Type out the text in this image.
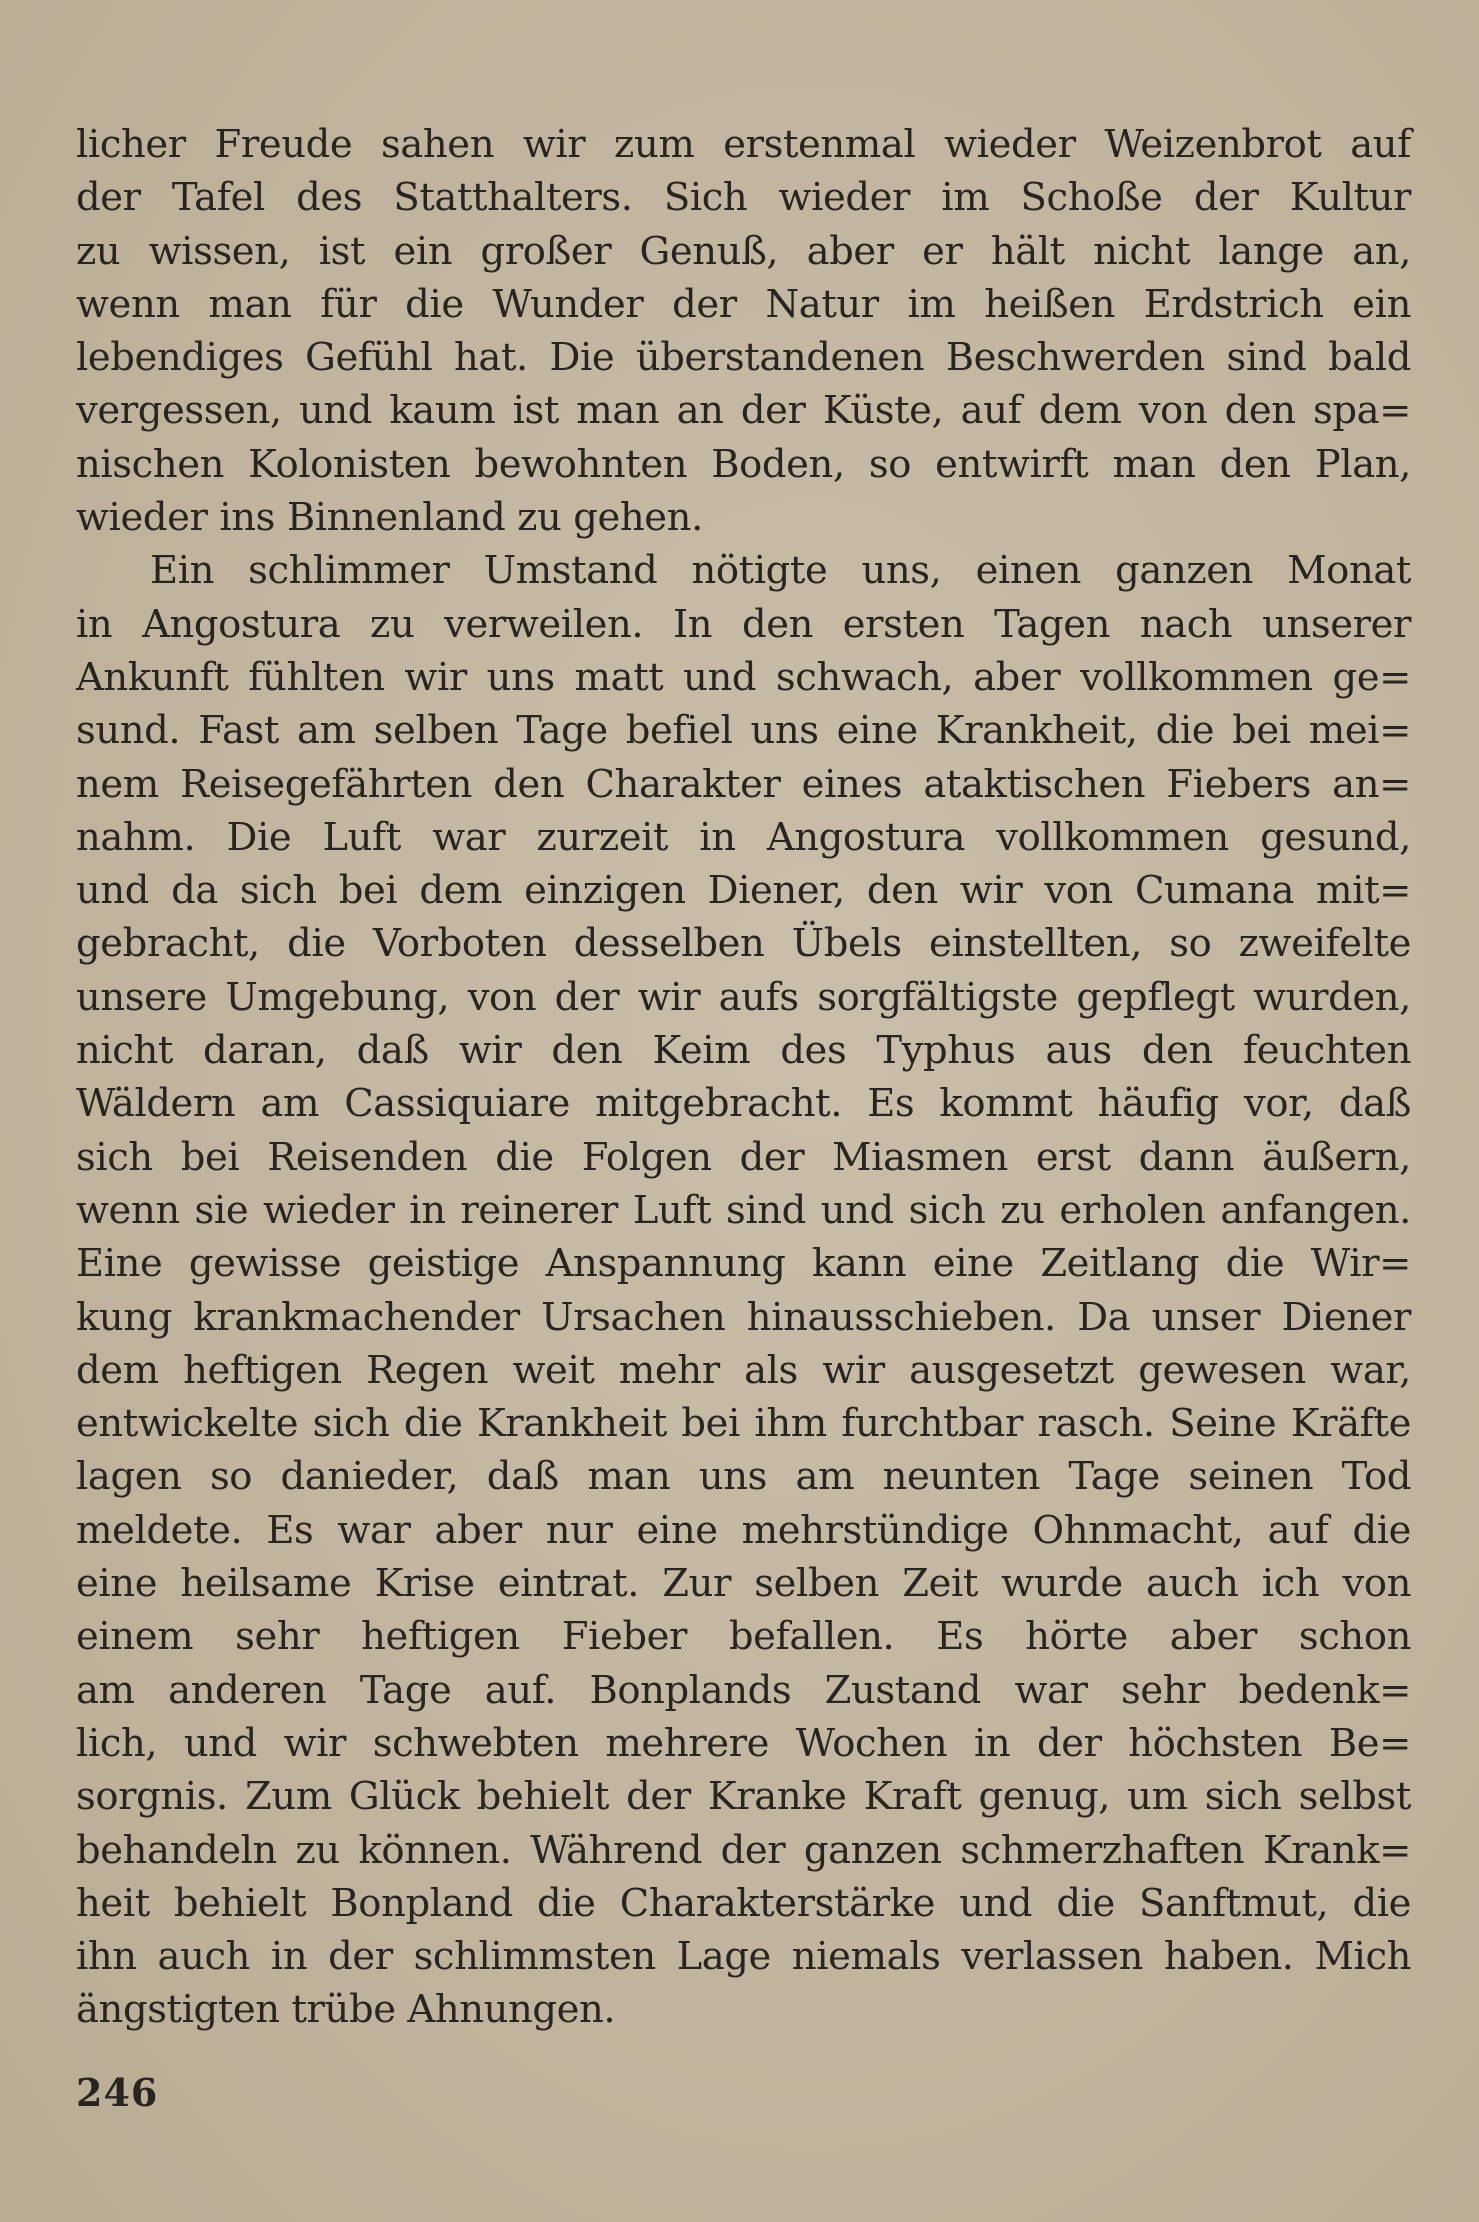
licher Freude sahen wir zum erstenmal wieder Weizenbrot auf
der Tafel des Statthalters. Sich wieder im Schoße der Kultur
zu wissen, ist ein großer Genuß, aber er hält nicht lange an,
wenn man für die Wunder der Natur im heißen Erdstrich ein
lebendiges Gefühl hat. Die überstandenen Beschwerden sind bald
vergessen, und kaum ist man an der Küste, auf dem von den spa=
nischen Kolonisten bewohnten Boden, so entwirft man den Plan,
wieder ins Binnenland zu gehen.
Ein schlimmer Umstand nötigte uns, einen ganzen Monat
in Angostura zu verweilen. In den ersten Tagen nach unserer
Ankunft fühlten wir uns matt und schwach, aber vollkommen ge=
sund. Fast am selben Tage befiel uns eine Krankheit, die bei mei=
nem Reisegefährten den Charakter eines ataktischen Fiebers an=
nahm. Die Luft war zurzeit in Angostura vollkommen gesund,
und da sich bei dem einzigen Diener, den wir von Cumana mit=
gebracht, die Vorboten desselben Übels einstellten, so zweifelte
unsere Umgebung, von der wir aufs sorgfältigste gepflegt wurden,
nicht daran, daß wir den Keim des Typhus aus den feuchten
Wäldern am Cassiquiare mitgebracht. Es kommt häufig vor, daß
sich bei Reisenden die Folgen der Miasmen erst dann äußern,
wenn sie wieder in reinerer Luft sind und sich zu erholen anfangen.
Eine gewisse geistige Anspannung kann eine Zeitlang die Wir=
kung krankmachender Ursachen hinausschieben. Da unser Diener
dem heftigen Regen weit mehr als wir ausgesetzt gewesen war,
entwickelte sich die Krankheit bei ihm furchtbar rasch. Seine Kräfte
lagen so danieder, daß man uns am neunten Tage seinen Tod
meldete. Es war aber nur eine mehrstündige Ohnmacht, auf die
eine heilsame Krise eintrat. Zur selben Zeit wurde auch ich von
einem sehr heftigen Fieber befallen. Es hörte aber schon
am anderen Tage auf. Bonplands Zustand war sehr bedenk=
lich, und wir schwebten mehrere Wochen in der höchsten Be=
sorgnis. Zum Glück behielt der Kranke Kraft genug, um sich selbst
behandeln zu können. Während der ganzen schmerzhaften Krank=
heit behielt Bonpland die Charakterstärke und die Sanftmut, die
ihn auch in der schlimmsten Lage niemals verlassen haben. Mich
ängstigten trübe Ahnungen.
246
